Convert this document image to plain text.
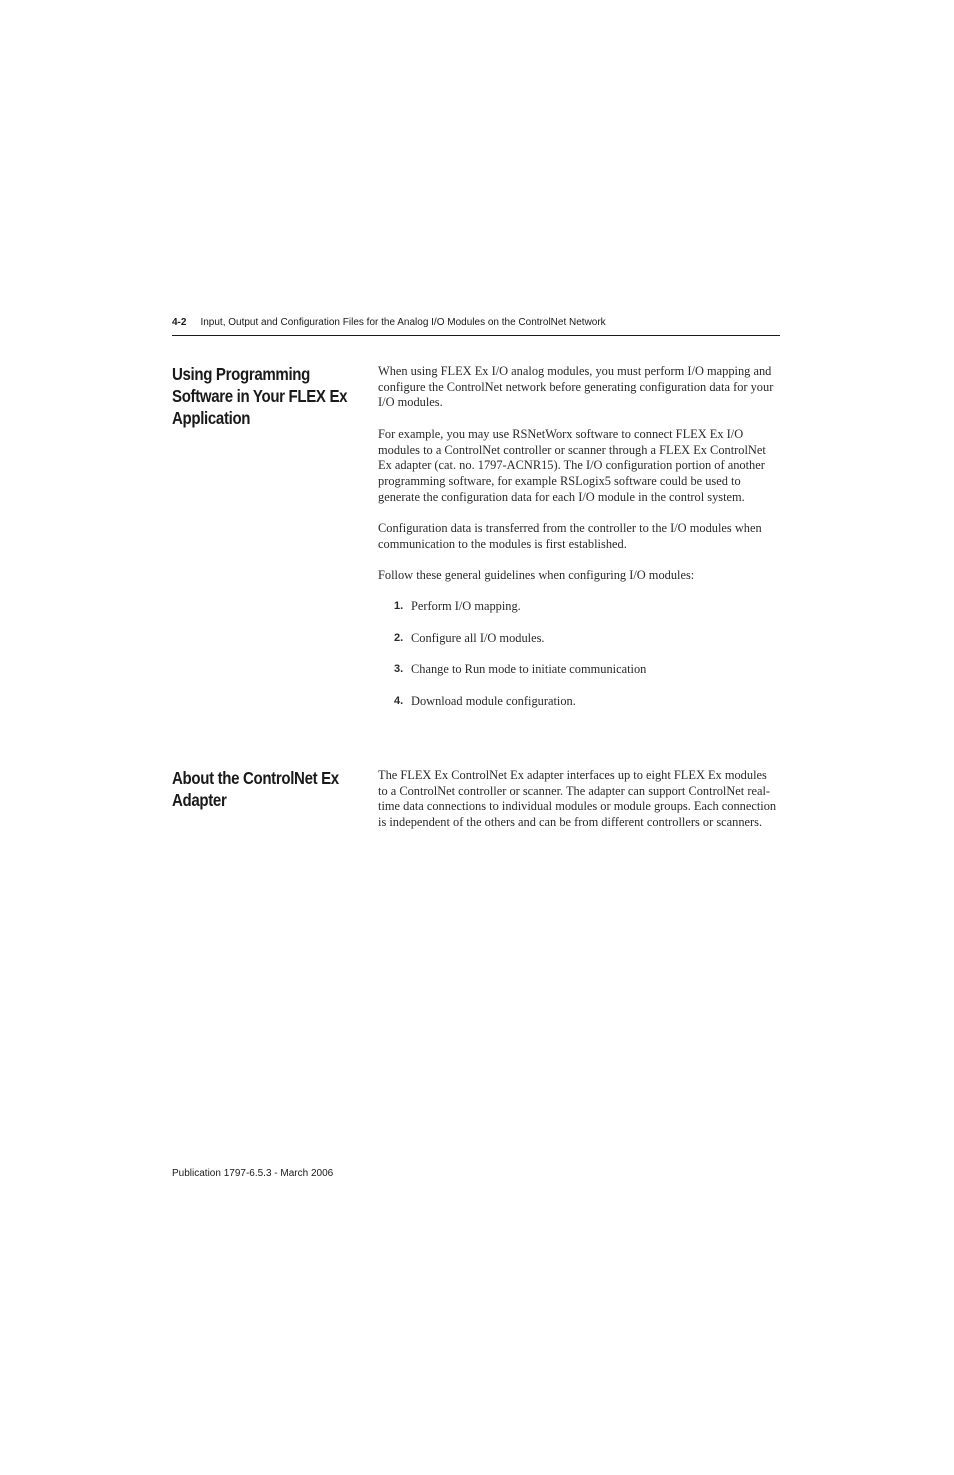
4-2 Input, Output and Configuration Files for the Analog I/O Modules on the ControlNet Network
Using Programming
Software in Your FLEX Ex
Application

When using FLEX Ex I/O analog modules, you must perform I/O mapping and configure the ControlNet network before generating configuration data for your I/O modules.

For example, you may use RSNetWorx software to connect FLEX Ex I/O modules to a ControlNet controller or scanner through a FLEX Ex ControlNet Ex adapter (cat. no. 1797-ACNR15). The I/O configuration portion of another programming software, for example RSLogix5 software could be used to generate the configuration data for each I/O module in the control system.

Configuration data is transferred from the controller to the I/O modules when communication to the modules is first established.

Follow these general guidelines when configuring I/O modules:

1. Perform I/O mapping.
2. Configure all I/O modules.
3. Change to Run mode to initiate communication
4. Download module configuration.
About the ControlNet Ex
Adapter

The FLEX Ex ControlNet Ex adapter interfaces up to eight FLEX Ex modules to a ControlNet controller or scanner. The adapter can support ControlNet real-time data connections to individual modules or module groups. Each connection is independent of the others and can be from different controllers or scanners.

Publication 1797-6.5.3 - March 2006
